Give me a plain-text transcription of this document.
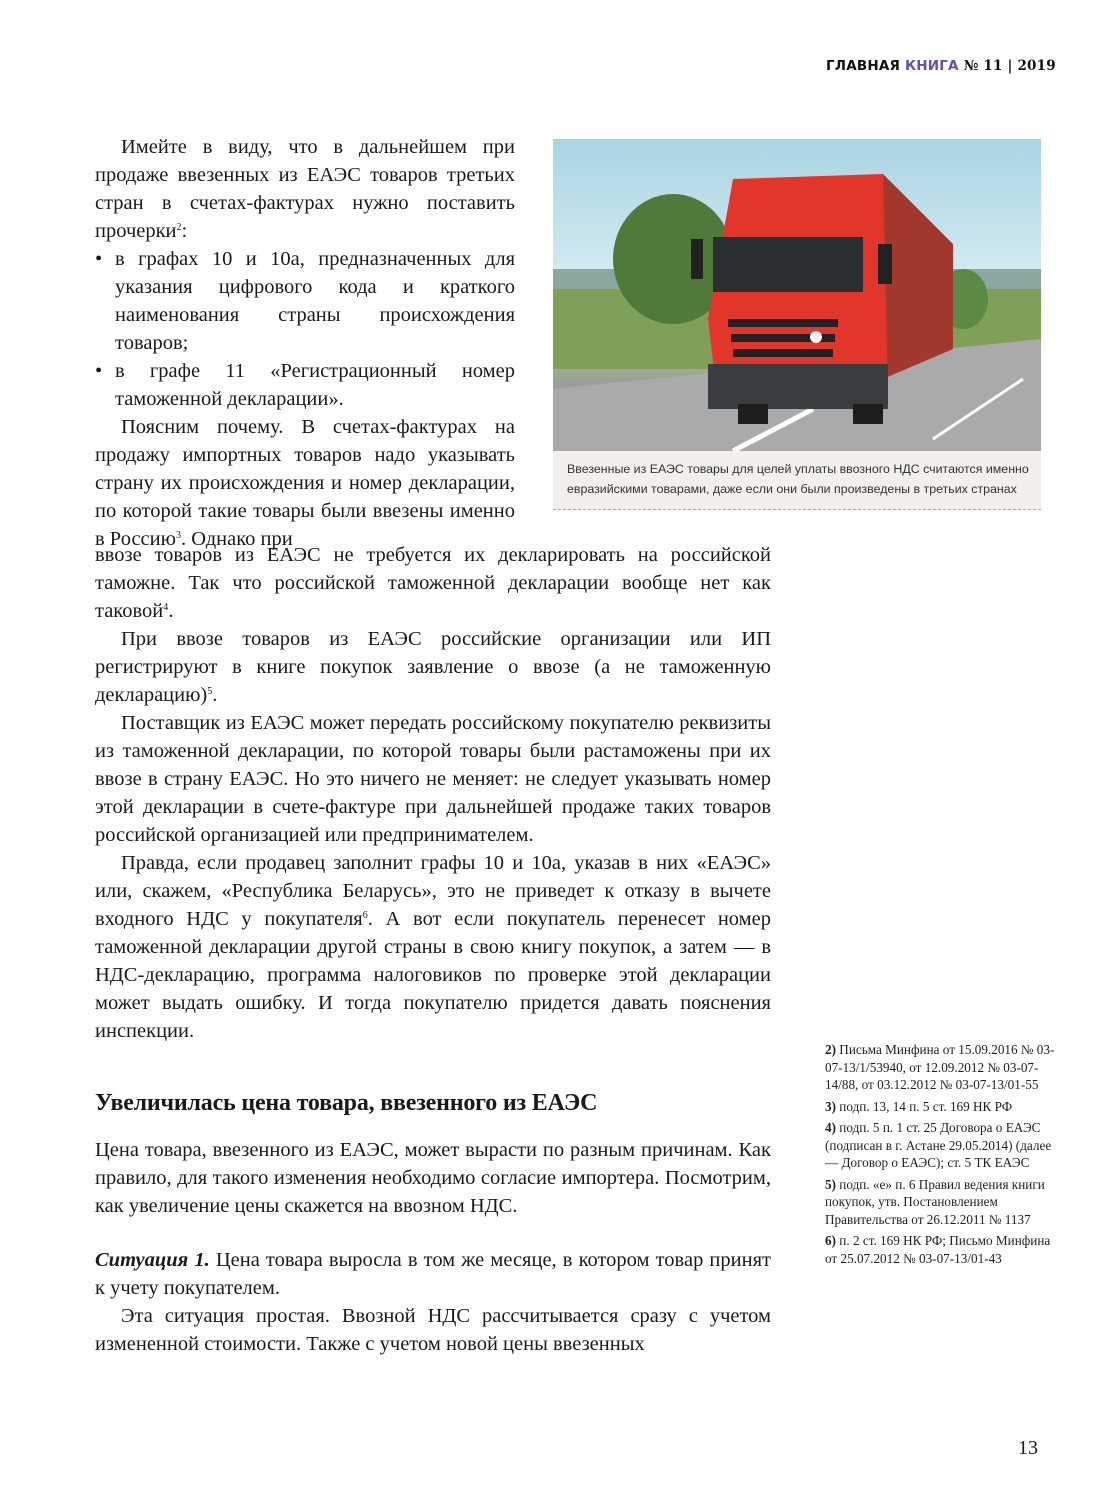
ГЛАВНАЯ КНИГА № 11 | 2019

Имейте в виду, что в дальнейшем при продаже ввезенных из ЕАЭС товаров третьих стран в счетах-фактурах нужно поставить прочерки$^2$:

• в графах 10 и 10а, предназначенных для указания цифрового кода и краткого наименования страны происхождения товаров;
• в графе 11 «Регистрационный номер таможенной декларации».

Поясним почему. В счетах-фактурах на продажу импортных товаров надо указывать страну их происхождения и номер декларации, по которой такие товары были ввезены именно в Россию$^3$. Однако при

Ввезенные из ЕАЭС товары для целей уплаты ввозного НДС считаются именно евразийскими товарами, даже если они были произведены в третьих странах

ввозе товаров из ЕАЭС не требуется их декларировать на российской таможне. Так что российской таможенной декларации вообще нет как таковой$^4$.

При ввозе товаров из ЕАЭС российские организации или ИП регистрируют в книге покупок заявление о ввозе (а не таможенную декларацию)$^5$.

Поставщик из ЕАЭС может передать российскому покупателю реквизиты из таможенной декларации, по которой товары были растаможены при их ввозе в страну ЕАЭС. Но это ничего не меняет: не следует указывать номер этой декларации в счете-фактуре при дальнейшей продаже таких товаров российской организацией или предпринимателем.

Правда, если продавец заполнит графы 10 и 10а, указав в них «ЕАЭС» или, скажем, «Республика Беларусь», это не приведет к отказу в вычете входного НДС у покупателя$^6$. А вот если покупатель перенесет номер таможенной декларации другой страны в свою книгу покупок, а затем — в НДС-декларацию, программа налоговиков по проверке этой декларации может выдать ошибку. И тогда покупателю придется давать пояснения инспекции.

Увеличилась цена товара, ввезенного из ЕАЭС

Цена товара, ввезенного из ЕАЭС, может вырасти по разным причинам. Как правило, для такого изменения необходимо согласие импортера. Посмотрим, как увеличение цены скажется на ввозном НДС.

Ситуация 1. Цена товара выросла в том же месяце, в котором товар принят к учету покупателем.

Эта ситуация простая. Ввозной НДС рассчитывается сразу с учетом измененной стоимости. Также с учетом новой цены ввезенных

2) Письма Минфина от 15.09.2016 № 03-07-13/1/53940, от 12.09.2012 № 03-07-14/88, от 03.12.2012 № 03-07-13/01-55
3) подп. 13, 14 п. 5 ст. 169 НК РФ
4) подп. 5 п. 1 ст. 25 Договора о ЕАЭС (подписан в г. Астане 29.05.2014) (далее — Договор о ЕАЭС); ст. 5 ТК ЕАЭС
5) подп. «е» п. 6 Правил ведения книги покупок, утв. Постановлением Правительства от 26.12.2011 № 1137
6) п. 2 ст. 169 НК РФ; Письмо Минфина от 25.07.2012 № 03-07-13/01-43
13
